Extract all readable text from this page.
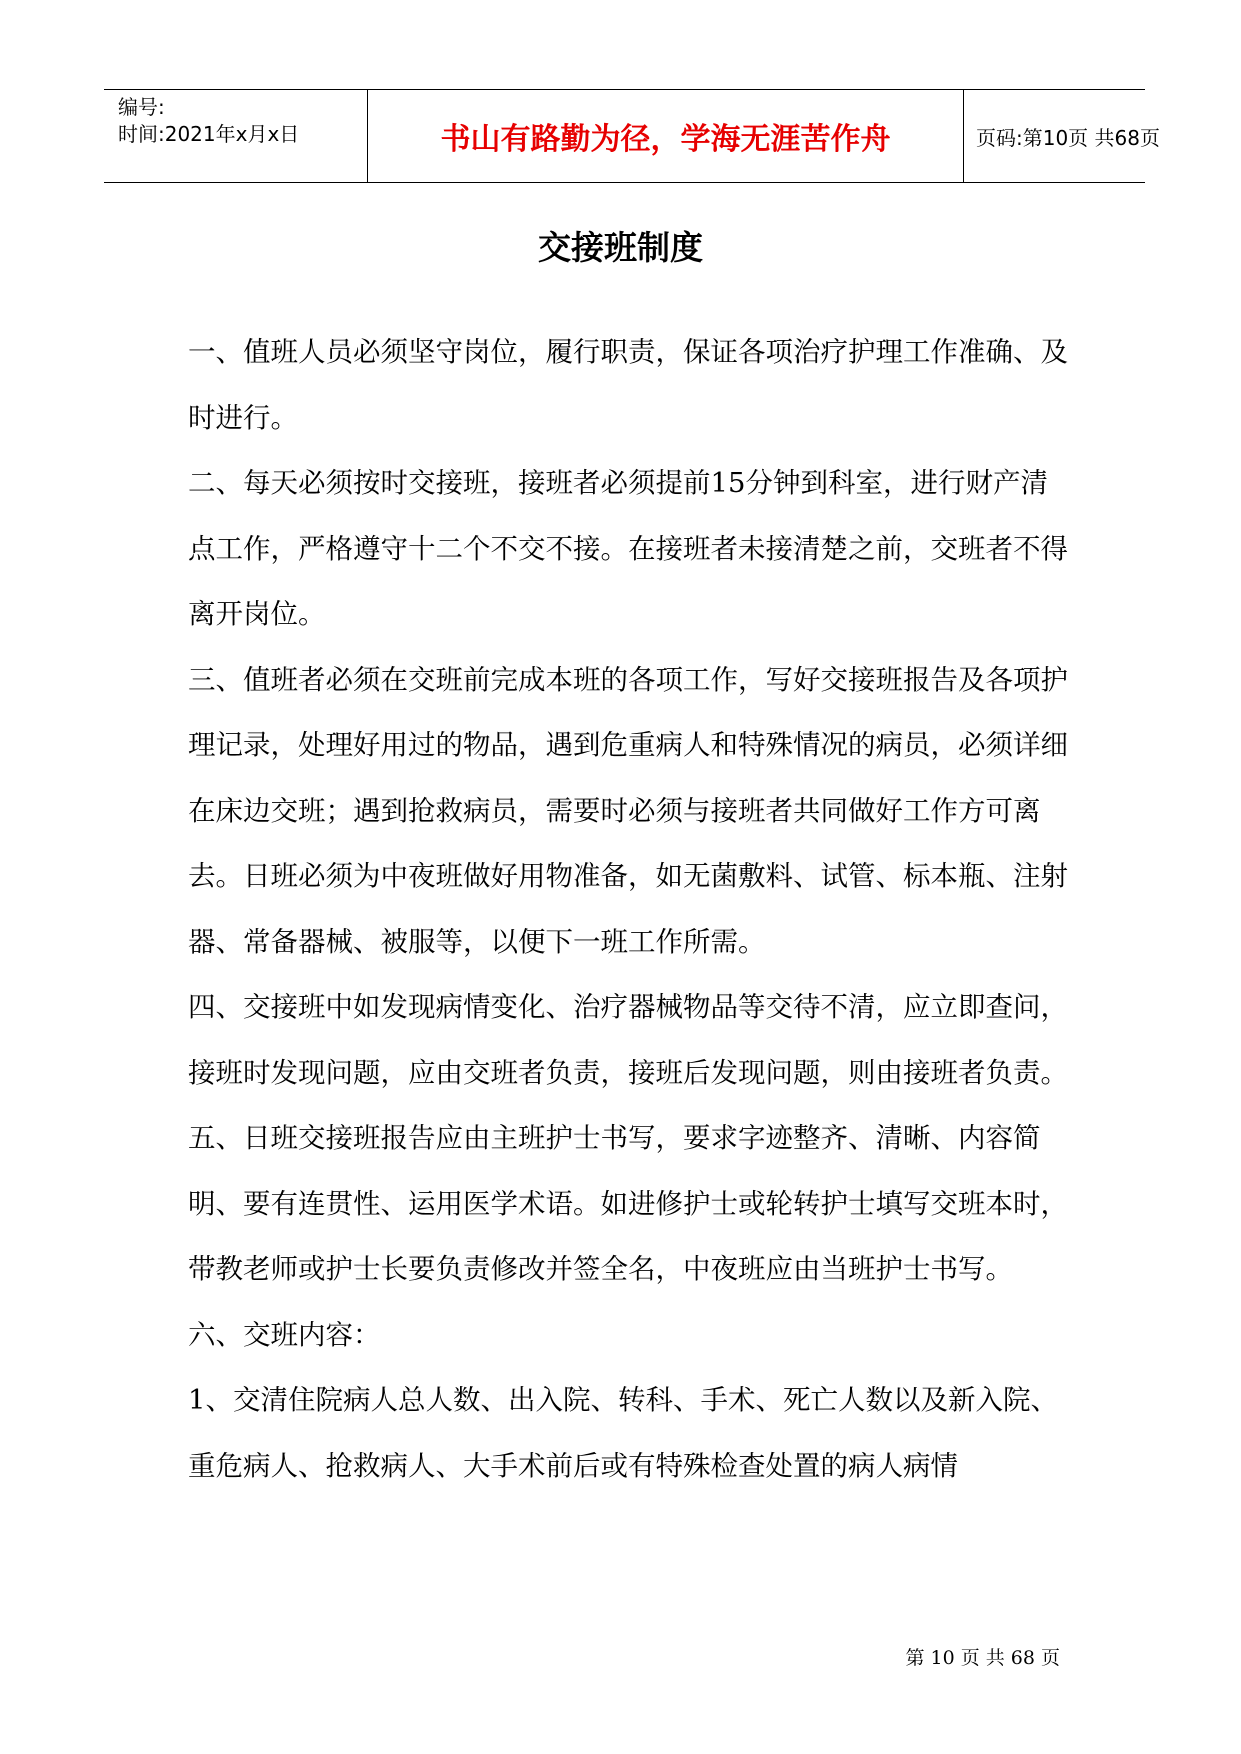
编号:
时间:2021年x月x日	书山有路勤为径，学海无涯苦作舟	页码:第10页 共68页
交接班制度

一、值班人员必须坚守岗位，履行职责，保证各项治疗护理工作准确、及时进行。

二、每天必须按时交接班，接班者必须提前15分钟到科室，进行财产清点工作，严格遵守十二个不交不接。在接班者未接清楚之前，交班者不得离开岗位。

三、值班者必须在交班前完成本班的各项工作，写好交接班报告及各项护理记录，处理好用过的物品，遇到危重病人和特殊情况的病员，必须详细在床边交班；遇到抢救病员，需要时必须与接班者共同做好工作方可离去。日班必须为中夜班做好用物准备，如无菌敷料、试管、标本瓶、注射器、常备器械、被服等，以便下一班工作所需。

四、交接班中如发现病情变化、治疗器械物品等交待不清，应立即查问，接班时发现问题，应由交班者负责，接班后发现问题，则由接班者负责。

五、日班交接班报告应由主班护士书写，要求字迹整齐、清晰、内容简明、要有连贯性、运用医学术语。如进修护士或轮转护士填写交班本时，带教老师或护士长要负责修改并签全名，中夜班应由当班护士书写。

六、交班内容：

1、交清住院病人总人数、出入院、转科、手术、死亡人数以及新入院、重危病人、抢救病人、大手术前后或有特殊检查处置的病人病情

第 10 页 共 68 页
